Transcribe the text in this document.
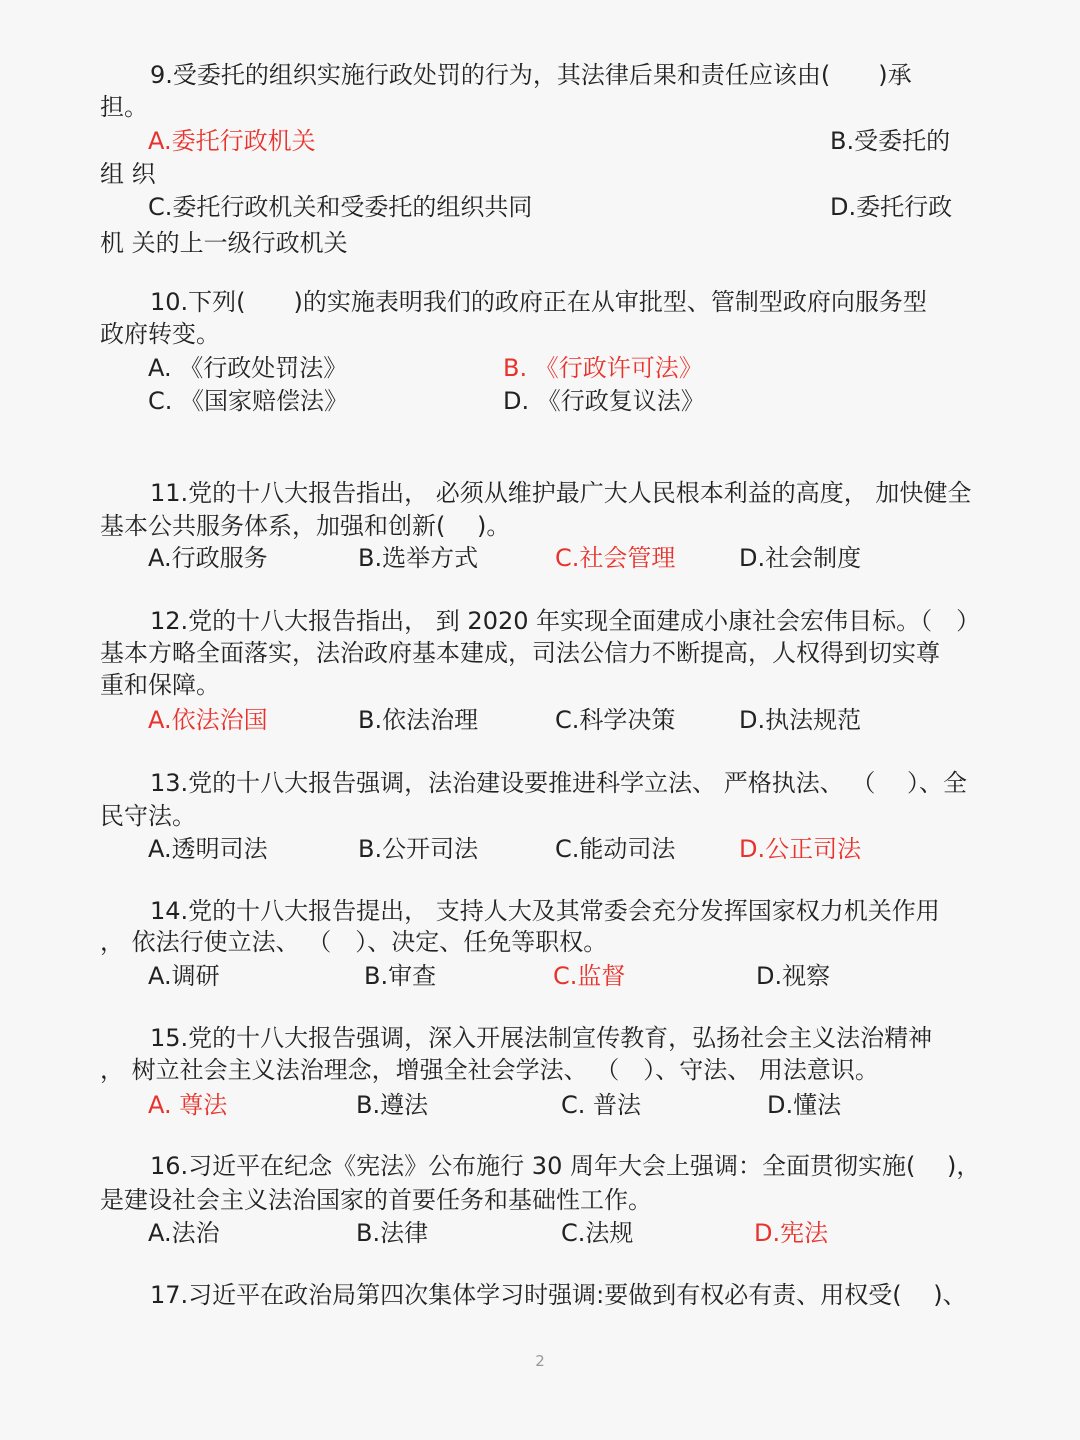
9.受委托的组织实施行政处罚的行为，其法律后果和责任应该由(　　)承

担。

A.委托行政机关	B.受委托的

组 织

C.委托行政机关和受委托的组织共同	D.委托行政

机 关的上一级行政机关

10.下列(　　)的实施表明我们的政府正在从审批型、管制型政府向服务型

政府转变。

A. 《行政处罚法》	B. 《行政许可法》

C. 《国家赔偿法》	D. 《行政复议法》

11.党的十八大报告指出， 必须从维护最广大人民根本利益的高度， 加快健全

基本公共服务体系，加强和创新(　 )。

A.行政服务	B.选举方式	C.社会管理	D.社会制度

12.党的十八大报告指出， 到 2020 年实现全面建成小康社会宏伟目标。（　）

基本方略全面落实，法治政府基本建成，司法公信力不断提高，人权得到切实尊

重和保障。

A.依法治国	B.依法治理	C.科学决策	D.执法规范

13.党的十八大报告强调，法治建设要推进科学立法、 严格执法、 （　 ）、全

民守法。

A.透明司法	B.公开司法	C.能动司法	D.公正司法

14.党的十八大报告提出， 支持人大及其常委会充分发挥国家权力机关作用

， 依法行使立法、 （　）、决定、任免等职权。

A.调研	B.审查	C.监督	D.视察

15.党的十八大报告强调，深入开展法制宣传教育，弘扬社会主义法治精神

， 树立社会主义法治理念，增强全社会学法、 （　）、守法、 用法意识。

A. 尊法	B.遵法	C. 普法	D.懂法

16.习近平在纪念《宪法》公布施行 30 周年大会上强调：全面贯彻实施(　 )，

是建设社会主义法治国家的首要任务和基础性工作。

A.法治	B.法律	C.法规	D.宪法

17.习近平在政治局第四次集体学习时强调:要做到有权必有责、用权受(　 )、

2
